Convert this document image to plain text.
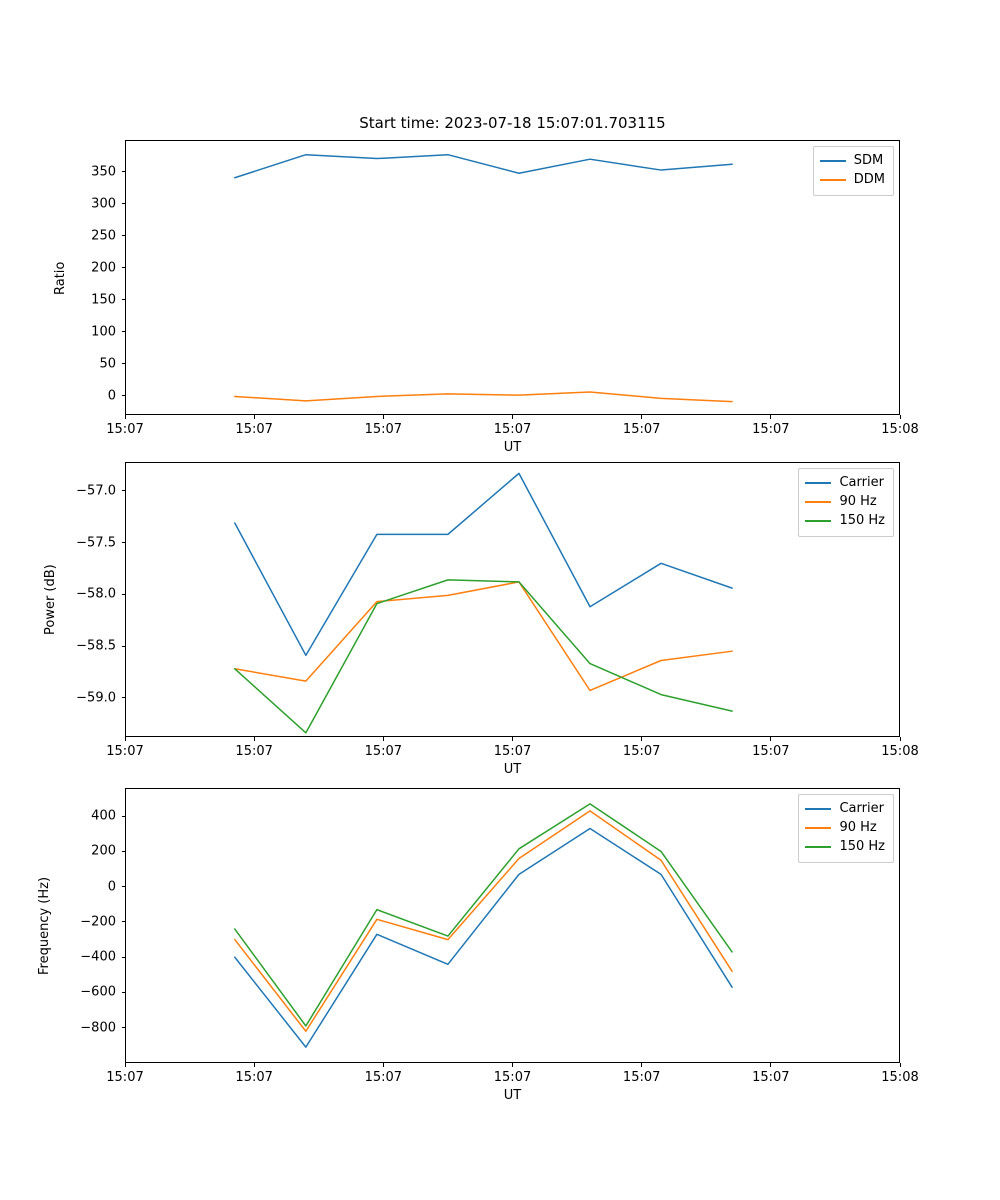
Start time: 2023-07-18 15:07:01.703115
Ratio
UT
SDM
DDM
0
50
100
150
200
250
300
350
15:07	15:07	15:07	15:07	15:07	15:07	15:08
Power (dB)
UT
Carrier
90 Hz
150 Hz
−59.0
−58.5
−58.0
−57.5
−57.0
15:07	15:07	15:07	15:07	15:07	15:07	15:08
Frequency (Hz)
UT
Carrier
90 Hz
150 Hz
−800
−600
−400
−200
0
200
400
15:07	15:07	15:07	15:07	15:07	15:07	15:08
